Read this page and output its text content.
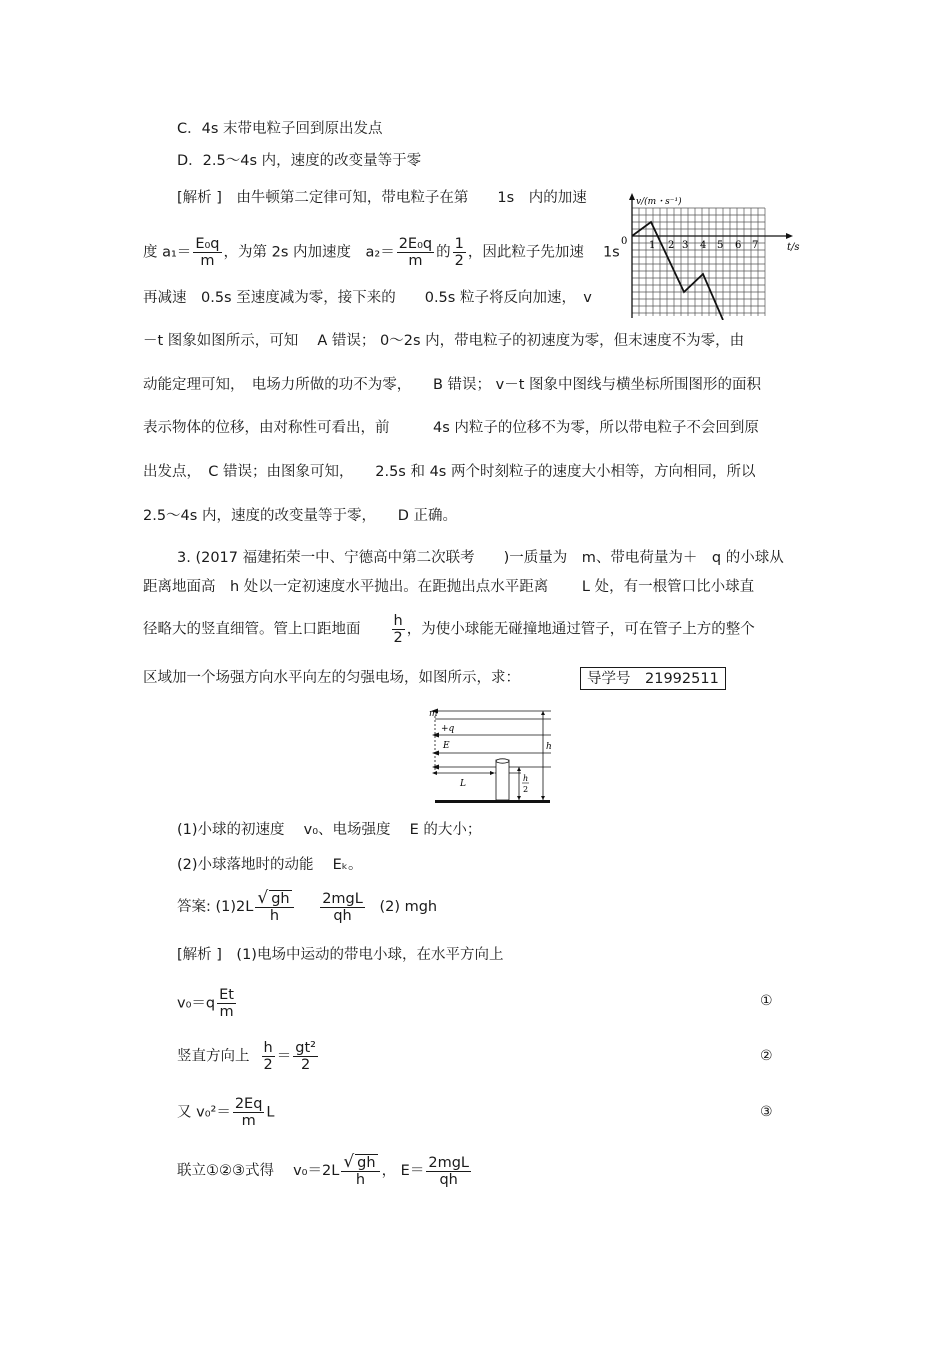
C．4s 末带电粒子回到原出发点
D．2.5～4s 内，速度的改变量等于零
[解析 ]　由牛顿第二定律可知，带电粒子在第　　1s　内的加速
度 $a_1= \frac{\text{E₀q}}{m}$ ，为第 2s 内加速度　$a_2= \frac{\text{2E₀q}}{m}$ 的 $\frac{1}{2}$ ，因此粒子先加速　 1s
再减速　0.5s 至速度减为零，接下来的　　0.5s 粒子将反向加速，　v
－t 图象如图所示，可知　 A 错误； 0～2s 内，带电粒子的初速度为零，但末速度不为零，由
动能定理可知，　电场力所做的功不为零，　　B 错误； v－t 图象中图线与横坐标所围图形的面积
表示物体的位移，由对称性可看出，前　　　4s 内粒子的位移不为零，所以带电粒子不会回到原
出发点，　C 错误；由图象可知，　　2.5s 和 4s 两个时刻粒子的速度大小相等，方向相同，所以
2.5～4s 内，速度的改变量等于零，　　D 正确。
v/(m・s⁻¹)
t/s
0 1 2 3 4 5 6 7
3. (2017 福建拓荣一中、宁德高中第二次联考　　)一质量为　m、带电荷量为＋　q 的小球从
距离地面高　h 处以一定初速度水平抛出。在距抛出点水平距离　　 L 处，有一根管口比小球直
径略大的竖直细管。管上口距地面　　 $\frac{h}{2}$ ，为使小球能无碰撞地通过管子，可在管子上方的整个
区域加一个场强方向水平向左的匀强电场，如图所示，求：	导学号　21992511
m
+q
E	h
L
h
2
(1)小球的初速度　 v₀、电场强度　 E 的大小；
(2)小球落地时的动能　 Eₖ。
答案: $(1)2L \frac{√ gh}{h}$
$\frac{\text{2mgL}}{qh} (2)$ mgh
[解析 ]　(1)电场中运动的带电小球，在水平方向上
$v_0=q \frac{Et}{m}$	①
竖直方向上 $\frac{h}{2} = \frac{\text{gt²}}{2}$	②
又 $v_0^2= \frac{2Eq}{m}$ L	③
联立①②③式得　 $v_0=2L \frac{√ gh}{h}$ ， $E= \frac{\text{2mgL}}{qh}$
